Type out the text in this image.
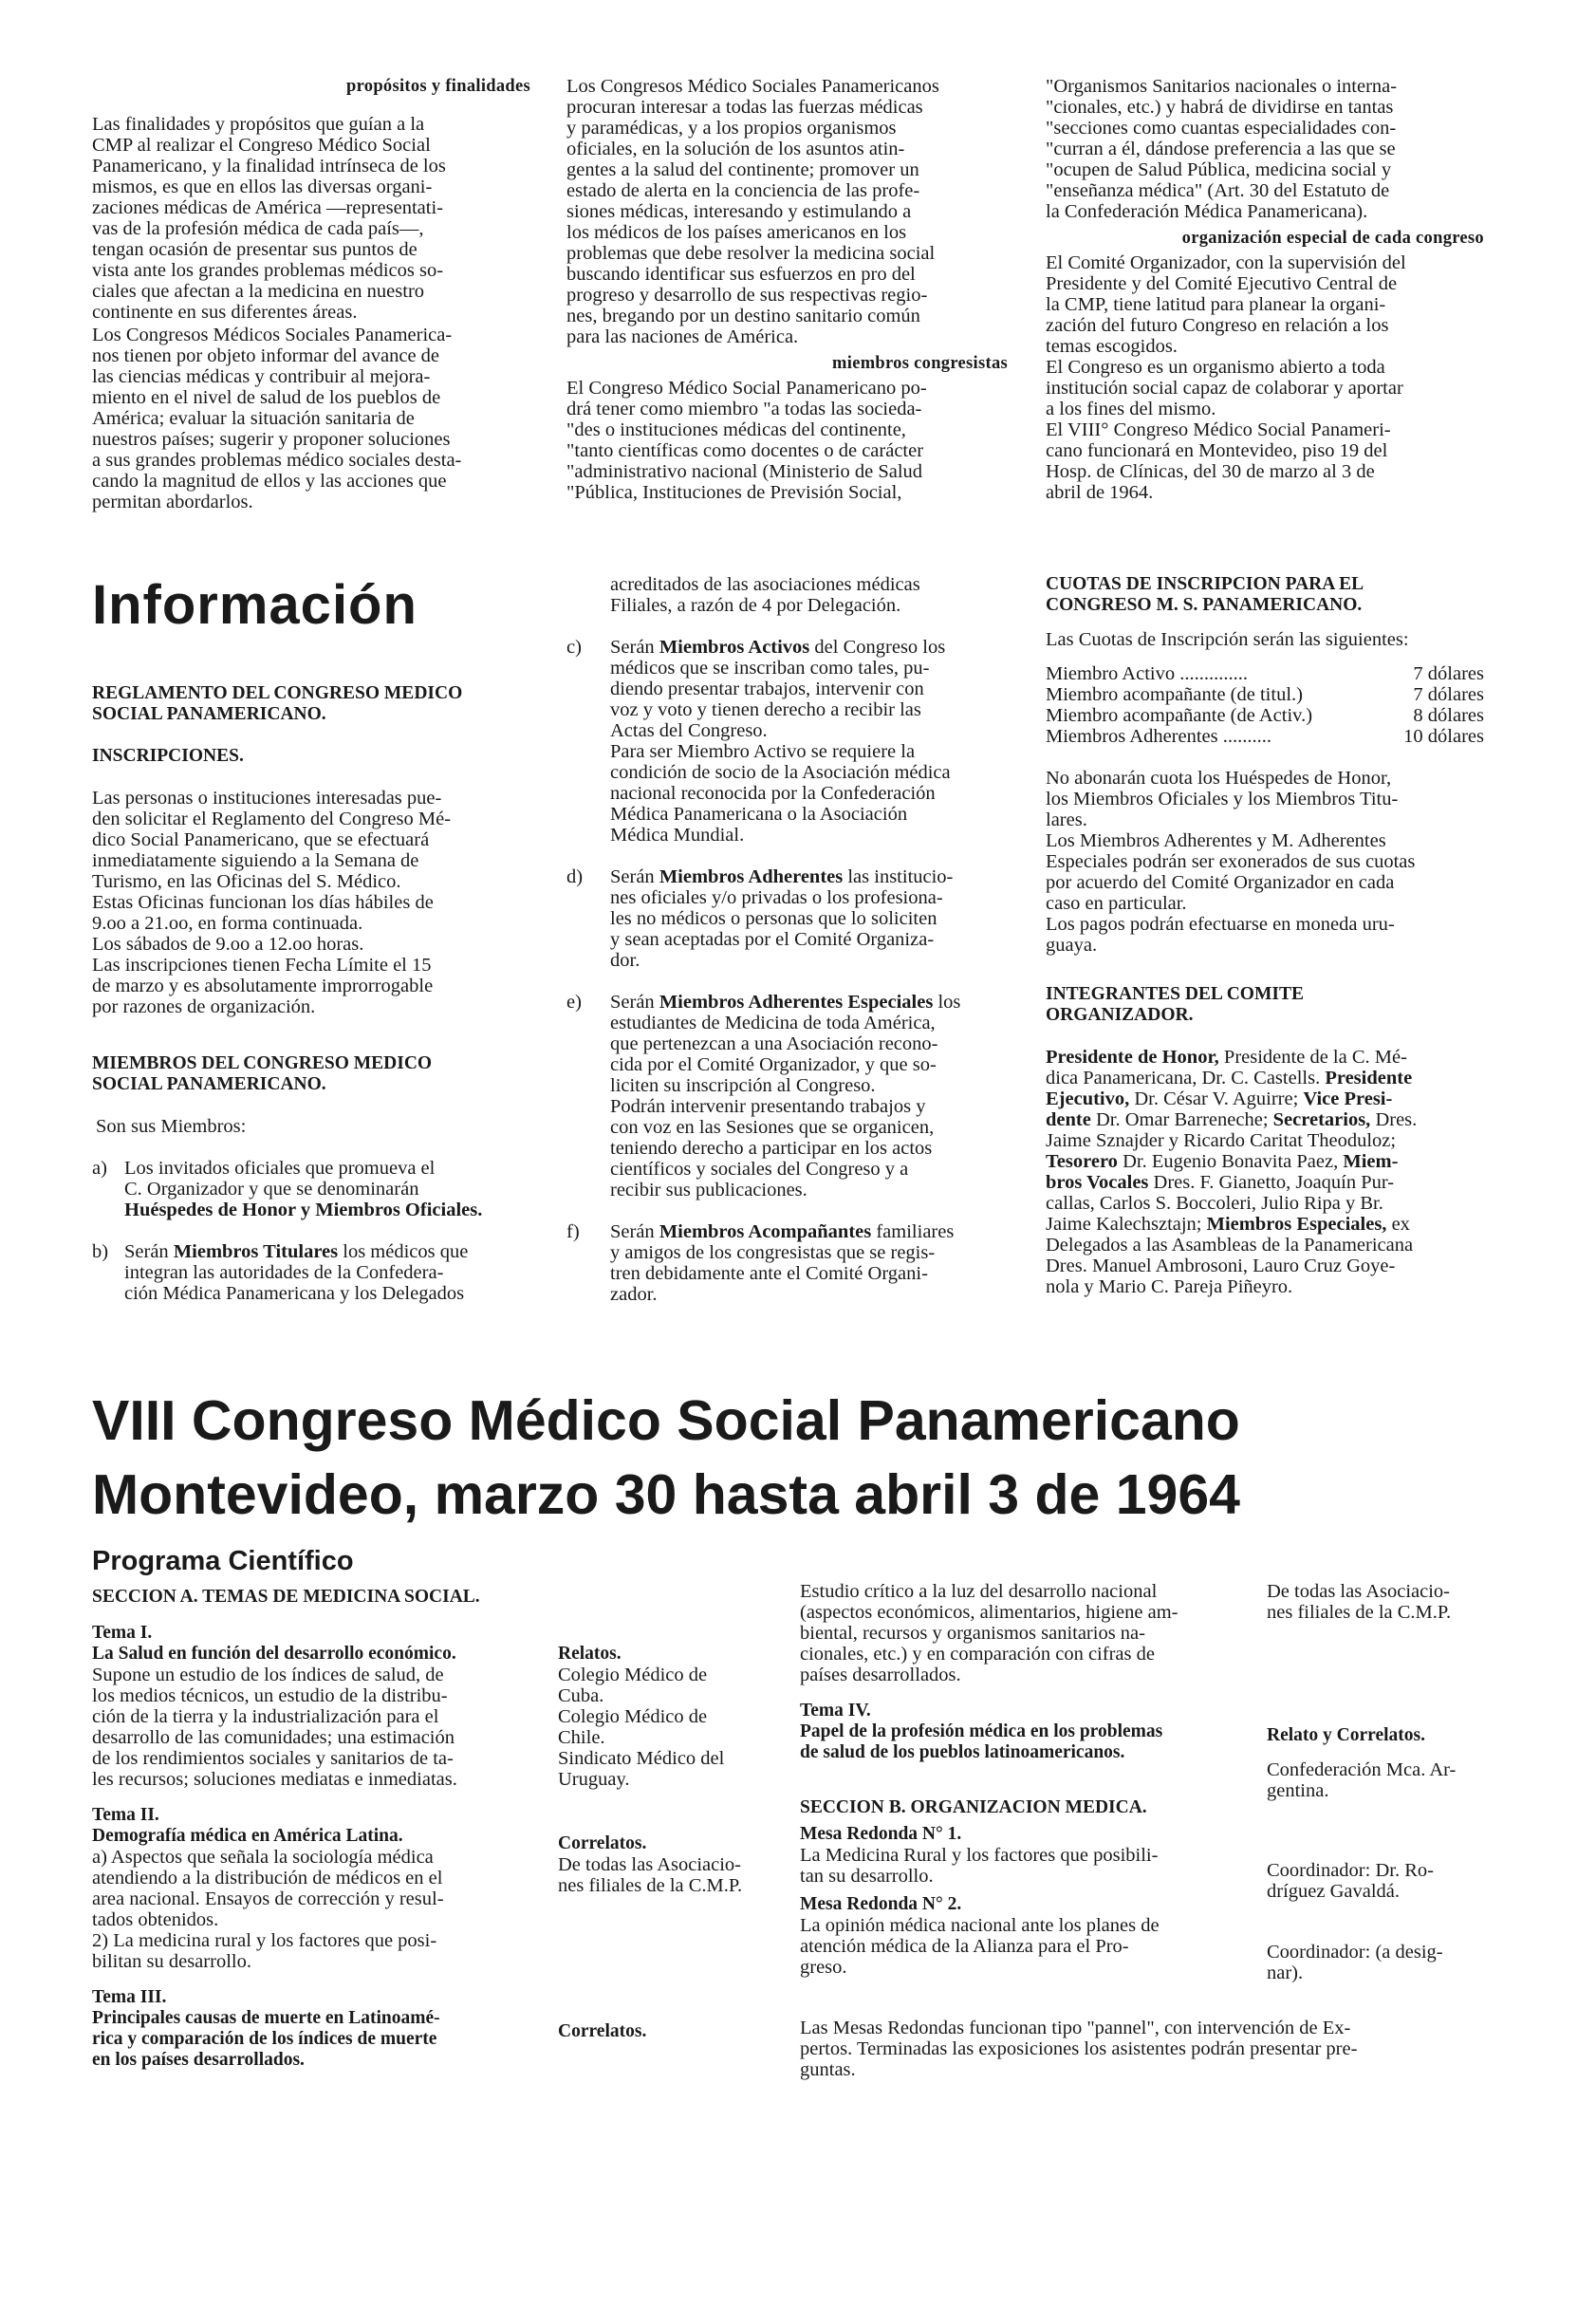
propósitos y finalidades

Las finalidades y propósitos que guían a la
CMP al realizar el Congreso Médico Social
Panamericano, y la finalidad intrínseca de los
mismos, es que en ellos las diversas organi-
zaciones médicas de América —representati-
vas de la profesión médica de cada país—,
tengan ocasión de presentar sus puntos de
vista ante los grandes problemas médicos so-
ciales que afectan a la medicina en nuestro
continente en sus diferentes áreas.

Los Congresos Médicos Sociales Panamerica-
nos tienen por objeto informar del avance de
las ciencias médicas y contribuir al mejora-
miento en el nivel de salud de los pueblos de
América; evaluar la situación sanitaria de
nuestros países; sugerir y proponer soluciones
a sus grandes problemas médico sociales desta-
cando la magnitud de ellos y las acciones que
permitan abordarlos.

Los Congresos Médico Sociales Panamericanos
procuran interesar a todas las fuerzas médicas
y paramédicas, y a los propios organismos
oficiales, en la solución de los asuntos atin-
gentes a la salud del continente; promover un
estado de alerta en la conciencia de las profe-
siones médicas, interesando y estimulando a
los médicos de los países americanos en los
problemas que debe resolver la medicina social
buscando identificar sus esfuerzos en pro del
progreso y desarrollo de sus respectivas regio-
nes, bregando por un destino sanitario común
para las naciones de América.

miembros congresistas

El Congreso Médico Social Panamericano po-
drá tener como miembro "a todas las socieda-
"des o instituciones médicas del continente,
"tanto científicas como docentes o de carácter
"administrativo nacional (Ministerio de Salud
"Pública, Instituciones de Previsión Social,

"Organismos Sanitarios nacionales o interna-
"cionales, etc.) y habrá de dividirse en tantas
"secciones como cuantas especialidades con-
"curran a él, dándose preferencia a las que se
"ocupen de Salud Pública, medicina social y
"enseñanza médica" (Art. 30 del Estatuto de
la Confederación Médica Panamericana).

organización especial de cada congreso

El Comité Organizador, con la supervisión del
Presidente y del Comité Ejecutivo Central de
la CMP, tiene latitud para planear la organi-
zación del futuro Congreso en relación a los
temas escogidos.

El Congreso es un organismo abierto a toda
institución social capaz de colaborar y aportar
a los fines del mismo.

El VIII° Congreso Médico Social Panameri-
cano funcionará en Montevideo, piso 19 del
Hosp. de Clínicas, del 30 de marzo al 3 de
abril de 1964.

Información
REGLAMENTO DEL CONGRESO MEDICO
SOCIAL PANAMERICANO.
INSCRIPCIONES.

Las personas o instituciones interesadas pue-
den solicitar el Reglamento del Congreso Mé-
dico Social Panamericano, que se efectuará
inmediatamente siguiendo a la Semana de
Turismo, en las Oficinas del S. Médico.

Estas Oficinas funcionan los días hábiles de
9.oo a 21.oo, en forma continuada.

Los sábados de 9.oo a 12.oo horas.

Las inscripciones tienen Fecha Límite el 15
de marzo y es absolutamente improrrogable
por razones de organización.

MIEMBROS DEL CONGRESO MEDICO
SOCIAL PANAMERICANO.

Son sus Miembros:

a) Los invitados oficiales que promueva el
C. Organizador y que se denominarán
Huéspedes de Honor y Miembros Oficiales.
b) Serán Miembros Titulares los médicos que
integran las autoridades de la Confedera-
ción Médica Panamericana y los Delegados

acreditados de las asociaciones médicas
Filiales, a razón de 4 por Delegación.

c)	Serán Miembros Activos del Congreso los
médicos que se inscriban como tales, pu-
diendo presentar trabajos, intervenir con
voz y voto y tienen derecho a recibir las
Actas del Congreso.
Para ser Miembro Activo se requiere la
condición de socio de la Asociación médica
nacional reconocida por la Confederación
Médica Panamericana o la Asociación
Médica Mundial.
d)	Serán Miembros Adherentes las institucio-
nes oficiales y/o privadas o los profesiona-
les no médicos o personas que lo soliciten
y sean aceptadas por el Comité Organiza-
dor.
e)	Serán Miembros Adherentes Especiales los
estudiantes de Medicina de toda América,
que pertenezcan a una Asociación recono-
cida por el Comité Organizador, y que so-
liciten su inscripción al Congreso.
Podrán intervenir presentando trabajos y
con voz en las Sesiones que se organicen,
teniendo derecho a participar en los actos
científicos y sociales del Congreso y a
recibir sus publicaciones.
f)	Serán Miembros Acompañantes familiares
y amigos de los congresistas que se regis-
tren debidamente ante el Comité Organi-
zador.
CUOTAS DE INSCRIPCION PARA EL
CONGRESO M. S. PANAMERICANO.

Las Cuotas de Inscripción serán las siguientes:

Miembro Activo ..............	7 dólares
Miembro acompañante (de titul.)	7 dólares
Miembro acompañante (de Activ.)	8 dólares
Miembros Adherentes ..........	10 dólares

No abonarán cuota los Huéspedes de Honor,
los Miembros Oficiales y los Miembros Titu-
lares.

Los Miembros Adherentes y M. Adherentes
Especiales podrán ser exonerados de sus cuotas
por acuerdo del Comité Organizador en cada
caso en particular.

Los pagos podrán efectuarse en moneda uru-
guaya.

INTEGRANTES DEL COMITE
ORGANIZADOR.

Presidente de Honor, Presidente de la C. Mé-
dica Panamericana, Dr. C. Castells. Presidente
Ejecutivo, Dr. César V. Aguirre; Vice Presi-
dente Dr. Omar Barreneche; Secretarios, Dres.
Jaime Sznajder y Ricardo Caritat Theoduloz;
Tesorero Dr. Eugenio Bonavita Paez, Miem-
bros Vocales Dres. F. Gianetto, Joaquín Pur-
callas, Carlos S. Boccoleri, Julio Ripa y Br.
Jaime Kalechsztajn; Miembros Especiales, ex
Delegados a las Asambleas de la Panamericana
Dres. Manuel Ambrosoni, Lauro Cruz Goye-
nola y Mario C. Pareja Piñeyro.

VIII Congreso Médico Social Panamericano
Montevideo, marzo 30 hasta abril 3 de 1964
Programa Científico
SECCION A. TEMAS DE MEDICINA SOCIAL.
Tema I.
La Salud en función del desarrollo económico.

Supone un estudio de los índices de salud, de
los medios técnicos, un estudio de la distribu-
ción de la tierra y la industrialización para el
desarrollo de las comunidades; una estimación
de los rendimientos sociales y sanitarios de ta-
les recursos; soluciones mediatas e inmediatas.

Tema II.
Demografía médica en América Latina.

a) Aspectos que señala la sociología médica
atendiendo a la distribución de médicos en el
area nacional. Ensayos de corrección y resul-
tados obtenidos.
2) La medicina rural y los factores que posi-
bilitan su desarrollo.

Tema III.
Principales causas de muerte en Latinoamé-
rica y comparación de los índices de muerte
en los países desarrollados.
Relatos.

Colegio Médico de
Cuba.
Colegio Médico de
Chile.
Sindicato Médico del
Uruguay.

Correlatos.

De todas las Asociacio-
nes filiales de la C.M.P.

Correlatos.

Estudio crítico a la luz del desarrollo nacional
(aspectos económicos, alimentarios, higiene am-
biental, recursos y organismos sanitarios na-
cionales, etc.) y en comparación con cifras de
países desarrollados.

Tema IV.
Papel de la profesión médica en los problemas
de salud de los pueblos latinoamericanos.
SECCION B. ORGANIZACION MEDICA.
Mesa Redonda N° 1.

La Medicina Rural y los factores que posibili-
tan su desarrollo.

Mesa Redonda N° 2.

La opinión médica nacional ante los planes de
atención médica de la Alianza para el Pro-
greso.

De todas las Asociacio-
nes filiales de la C.M.P.

Relato y Correlatos.

Confederación Mca. Ar-
gentina.

Coordinador: Dr. Ro-
dríguez Gavaldá.

Coordinador: (a desig-
nar).

Las Mesas Redondas funcionan tipo "pannel", con intervención de Ex-
pertos. Terminadas las exposiciones los asistentes podrán presentar pre-
guntas.
